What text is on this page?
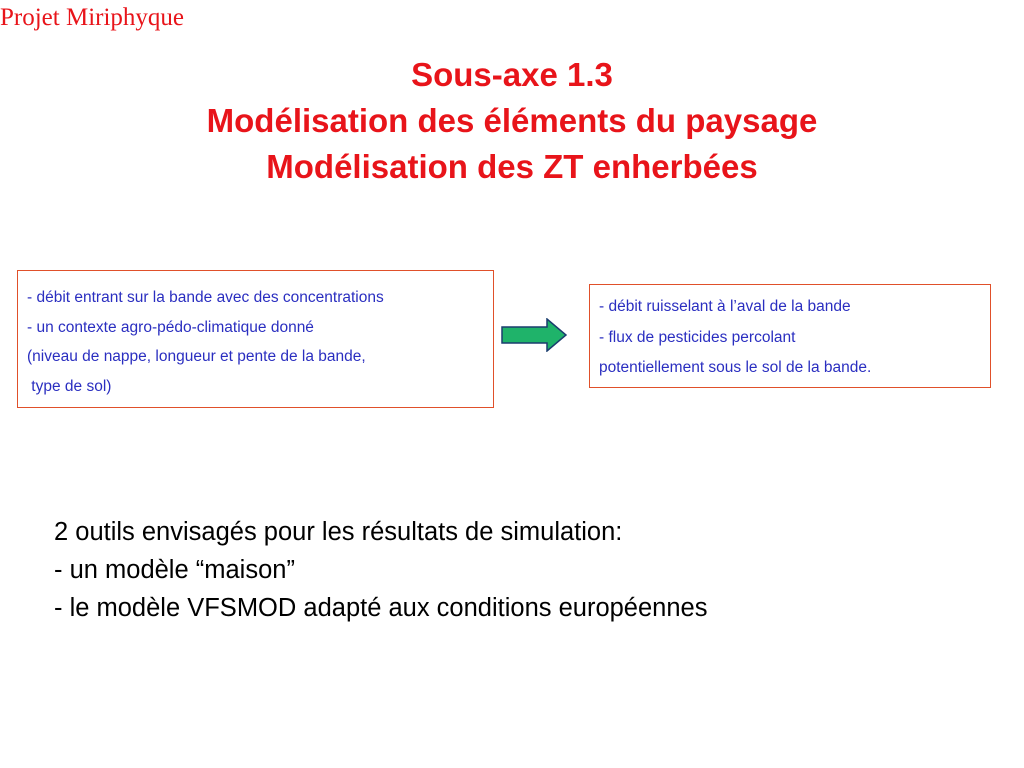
Projet Miriphyque
Sous-axe 1.3
Modélisation des éléments du paysage
Modélisation des ZT enherbées
- débit entrant sur la bande avec des concentrations
- un contexte agro-pédo-climatique donné
(niveau de nappe, longueur et pente de la bande,
type de sol)
- débit ruisselant à l’aval de la bande
- flux de pesticides percolant
potentiellement sous le sol de la bande.
2 outils envisagés pour les résultats de simulation:
- un modèle “maison”
- le modèle VFSMOD adapté aux conditions européennes
